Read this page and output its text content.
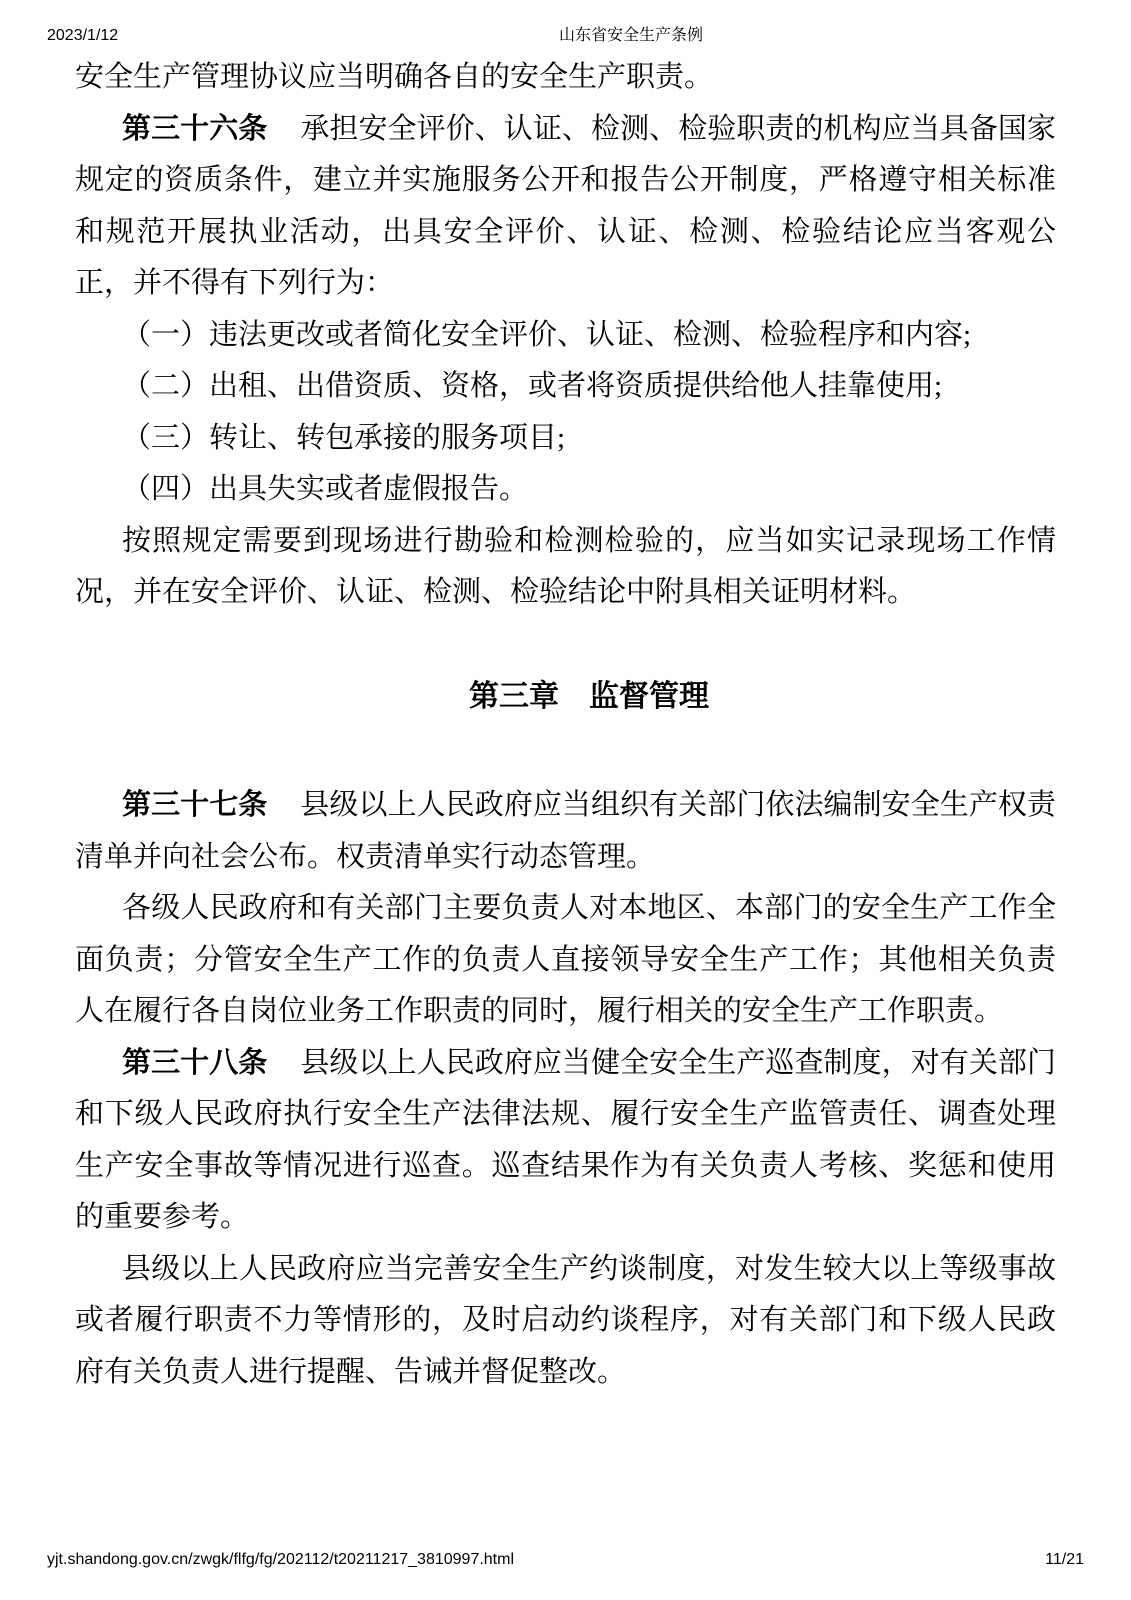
2023/1/12	山东省安全生产条例

安全生产管理协议应当明确各自的安全生产职责。

第三十六条 承担安全评价、认证、检测、检验职责的机构应当具备国家规定的资质条件，建立并实施服务公开和报告公开制度，严格遵守相关标准和规范开展执业活动，出具安全评价、认证、检测、检验结论应当客观公正，并不得有下列行为：

（一）违法更改或者简化安全评价、认证、检测、检验程序和内容;

（二）出租、出借资质、资格，或者将资质提供给他人挂靠使用;

（三）转让、转包承接的服务项目;

（四）出具失实或者虚假报告。

按照规定需要到现场进行勘验和检测检验的，应当如实记录现场工作情况，并在安全评价、认证、检测、检验结论中附具相关证明材料。

第三章　监督管理

第三十七条 县级以上人民政府应当组织有关部门依法编制安全生产权责清单并向社会公布。权责清单实行动态管理。

各级人民政府和有关部门主要负责人对本地区、本部门的安全生产工作全面负责；分管安全生产工作的负责人直接领导安全生产工作；其他相关负责人在履行各自岗位业务工作职责的同时，履行相关的安全生产工作职责。

第三十八条 县级以上人民政府应当健全安全生产巡查制度，对有关部门和下级人民政府执行安全生产法律法规、履行安全生产监管责任、调查处理生产安全事故等情况进行巡查。巡查结果作为有关负责人考核、奖惩和使用的重要参考。

县级以上人民政府应当完善安全生产约谈制度，对发生较大以上等级事故或者履行职责不力等情形的，及时启动约谈程序，对有关部门和下级人民政府有关负责人进行提醒、告诫并督促整改。

yjt.shandong.gov.cn/zwgk/flfg/fg/202112/t20211217_3810997.html	11/21
